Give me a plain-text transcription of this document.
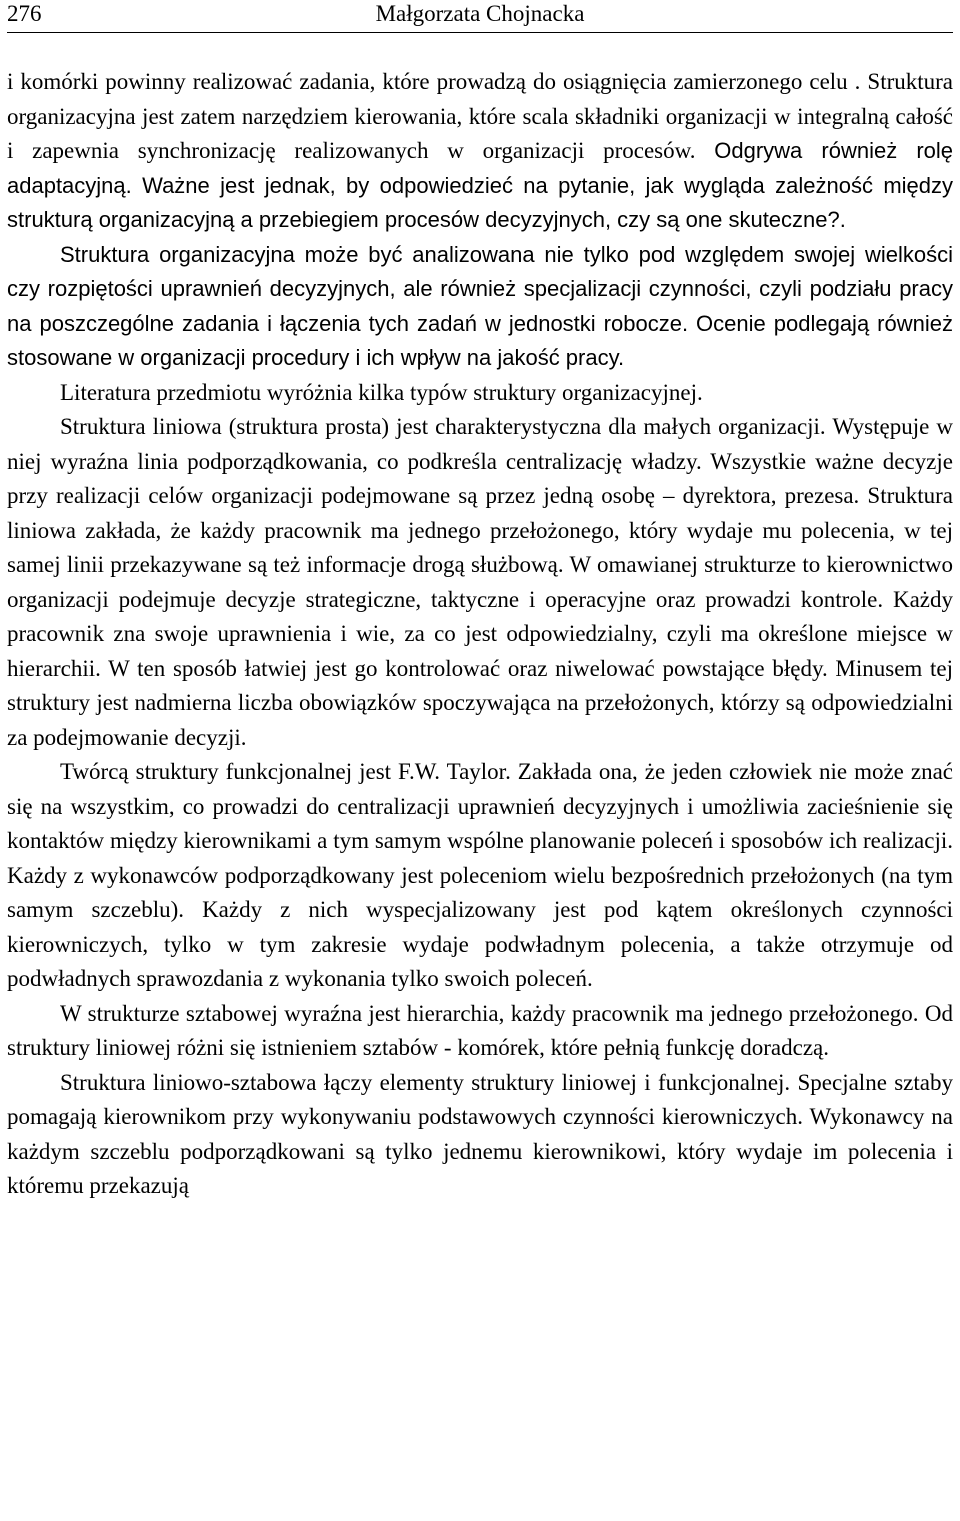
276	Małgorzata Chojnacka

i komórki powinny realizować zadania, które prowadzą do osiągnięcia zamierzonego celu . Struktura organizacyjna jest zatem narzędziem kierowania, które scala składniki organizacji w integralną całość i zapewnia synchronizację realizowanych w organizacji procesów. Odgrywa również rolę adaptacyjną. Ważne jest jednak, by odpowiedzieć na pytanie, jak wygląda zależność między strukturą organizacyjną a przebiegiem procesów decyzyjnych, czy są one skuteczne?.

Struktura organizacyjna może być analizowana nie tylko pod względem swojej wielkości czy rozpiętości uprawnień decyzyjnych, ale również specjalizacji czynności, czyli podziału pracy na poszczególne zadania i łączenia tych zadań w jednostki robocze. Ocenie podlegają również stosowane w organizacji procedury i ich wpływ na jakość pracy.

Literatura przedmiotu wyróżnia kilka typów struktury organizacyjnej.

Struktura liniowa (struktura prosta) jest charakterystyczna dla małych organizacji. Występuje w niej wyraźna linia podporządkowania, co podkreśla centralizację władzy. Wszystkie ważne decyzje przy realizacji celów organizacji podejmowane są przez jedną osobę – dyrektora, prezesa. Struktura liniowa zakłada, że każdy pracownik ma jednego przełożonego, który wydaje mu polecenia, w tej samej linii przekazywane są też informacje drogą służbową. W omawianej strukturze to kierownictwo organizacji podejmuje decyzje strategiczne, taktyczne i operacyjne oraz prowadzi kontrole. Każdy pracownik zna swoje uprawnienia i wie, za co jest odpowiedzialny, czyli ma określone miejsce w hierarchii. W ten sposób łatwiej jest go kontrolować oraz niwelować powstające błędy. Minusem tej struktury jest nadmierna liczba obowiązków spoczywająca na przełożonych, którzy są odpowiedzialni za podejmowanie decyzji.

Twórcą struktury funkcjonalnej jest F.W. Taylor. Zakłada ona, że jeden człowiek nie może znać się na wszystkim, co prowadzi do centralizacji uprawnień decyzyjnych i umożliwia zacieśnienie się kontaktów między kierownikami a tym samym wspólne planowanie poleceń i sposobów ich realizacji. Każdy z wykonawców podporządkowany jest poleceniom wielu bezpośrednich przełożonych (na tym samym szczeblu). Każdy z nich wyspecjalizowany jest pod kątem określonych czynności kierowniczych, tylko w tym zakresie wydaje podwładnym polecenia, a także otrzymuje od podwładnych sprawozdania z wykonania tylko swoich poleceń.

W strukturze sztabowej wyraźna jest hierarchia, każdy pracownik ma jednego przełożonego. Od struktury liniowej różni się istnieniem sztabów - komórek, które pełnią funkcję doradczą.

Struktura liniowo-sztabowa łączy elementy struktury liniowej i funkcjonalnej. Specjalne sztaby pomagają kierownikom przy wykonywaniu podstawowych czynności kierowniczych. Wykonawcy na każdym szczeblu podporządkowani są tylko jednemu kierownikowi, który wydaje im polecenia i któremu przekazują
